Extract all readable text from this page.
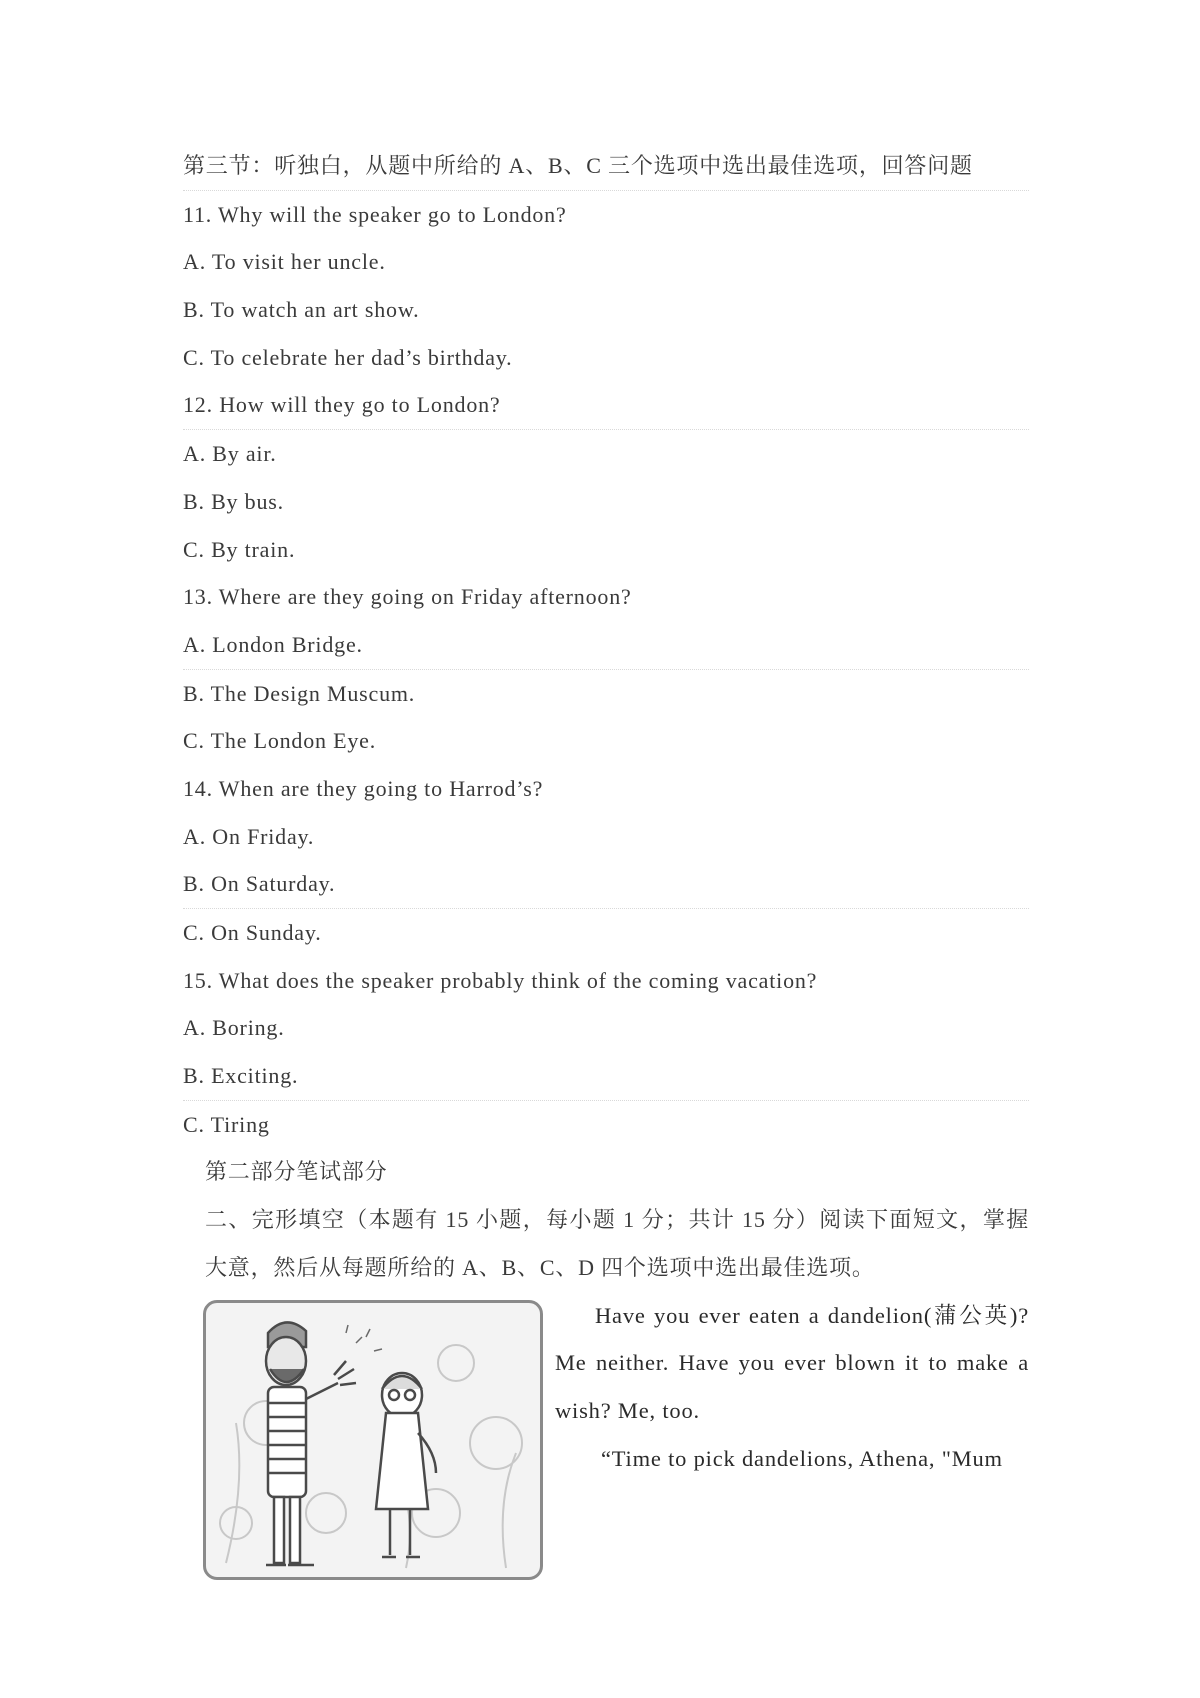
第三节：听独白，从题中所给的 A、B、C 三个选项中选出最佳选项，回答问题
11. Why will the speaker go to London?
A. To visit her uncle.
B. To watch an art show.
C. To celebrate her dad’s birthday.
12. How will they go to London?
A. By air.
B. By bus.
C. By train.
13. Where are they going on Friday afternoon?
A. London Bridge.
B. The Design Muscum.
C. The London Eye.
14. When are they going to Harrod’s?
A. On Friday.
B. On Saturday.
C. On Sunday.
15. What does the speaker probably think of the coming vacation?
A. Boring.
B. Exciting.
C. Tiring
第二部分笔试部分
二、完形填空（本题有 15 小题，每小题 1 分；共计 15 分）阅读下面短文，掌握大意，然后从每题所给的 A、B、C、D 四个选项中选出最佳选项。
Have you ever eaten a dandelion(蒲公英)? Me neither. Have you ever blown it to make a wish? Me, too.
“Time to pick dandelions, Athena, "Mum
